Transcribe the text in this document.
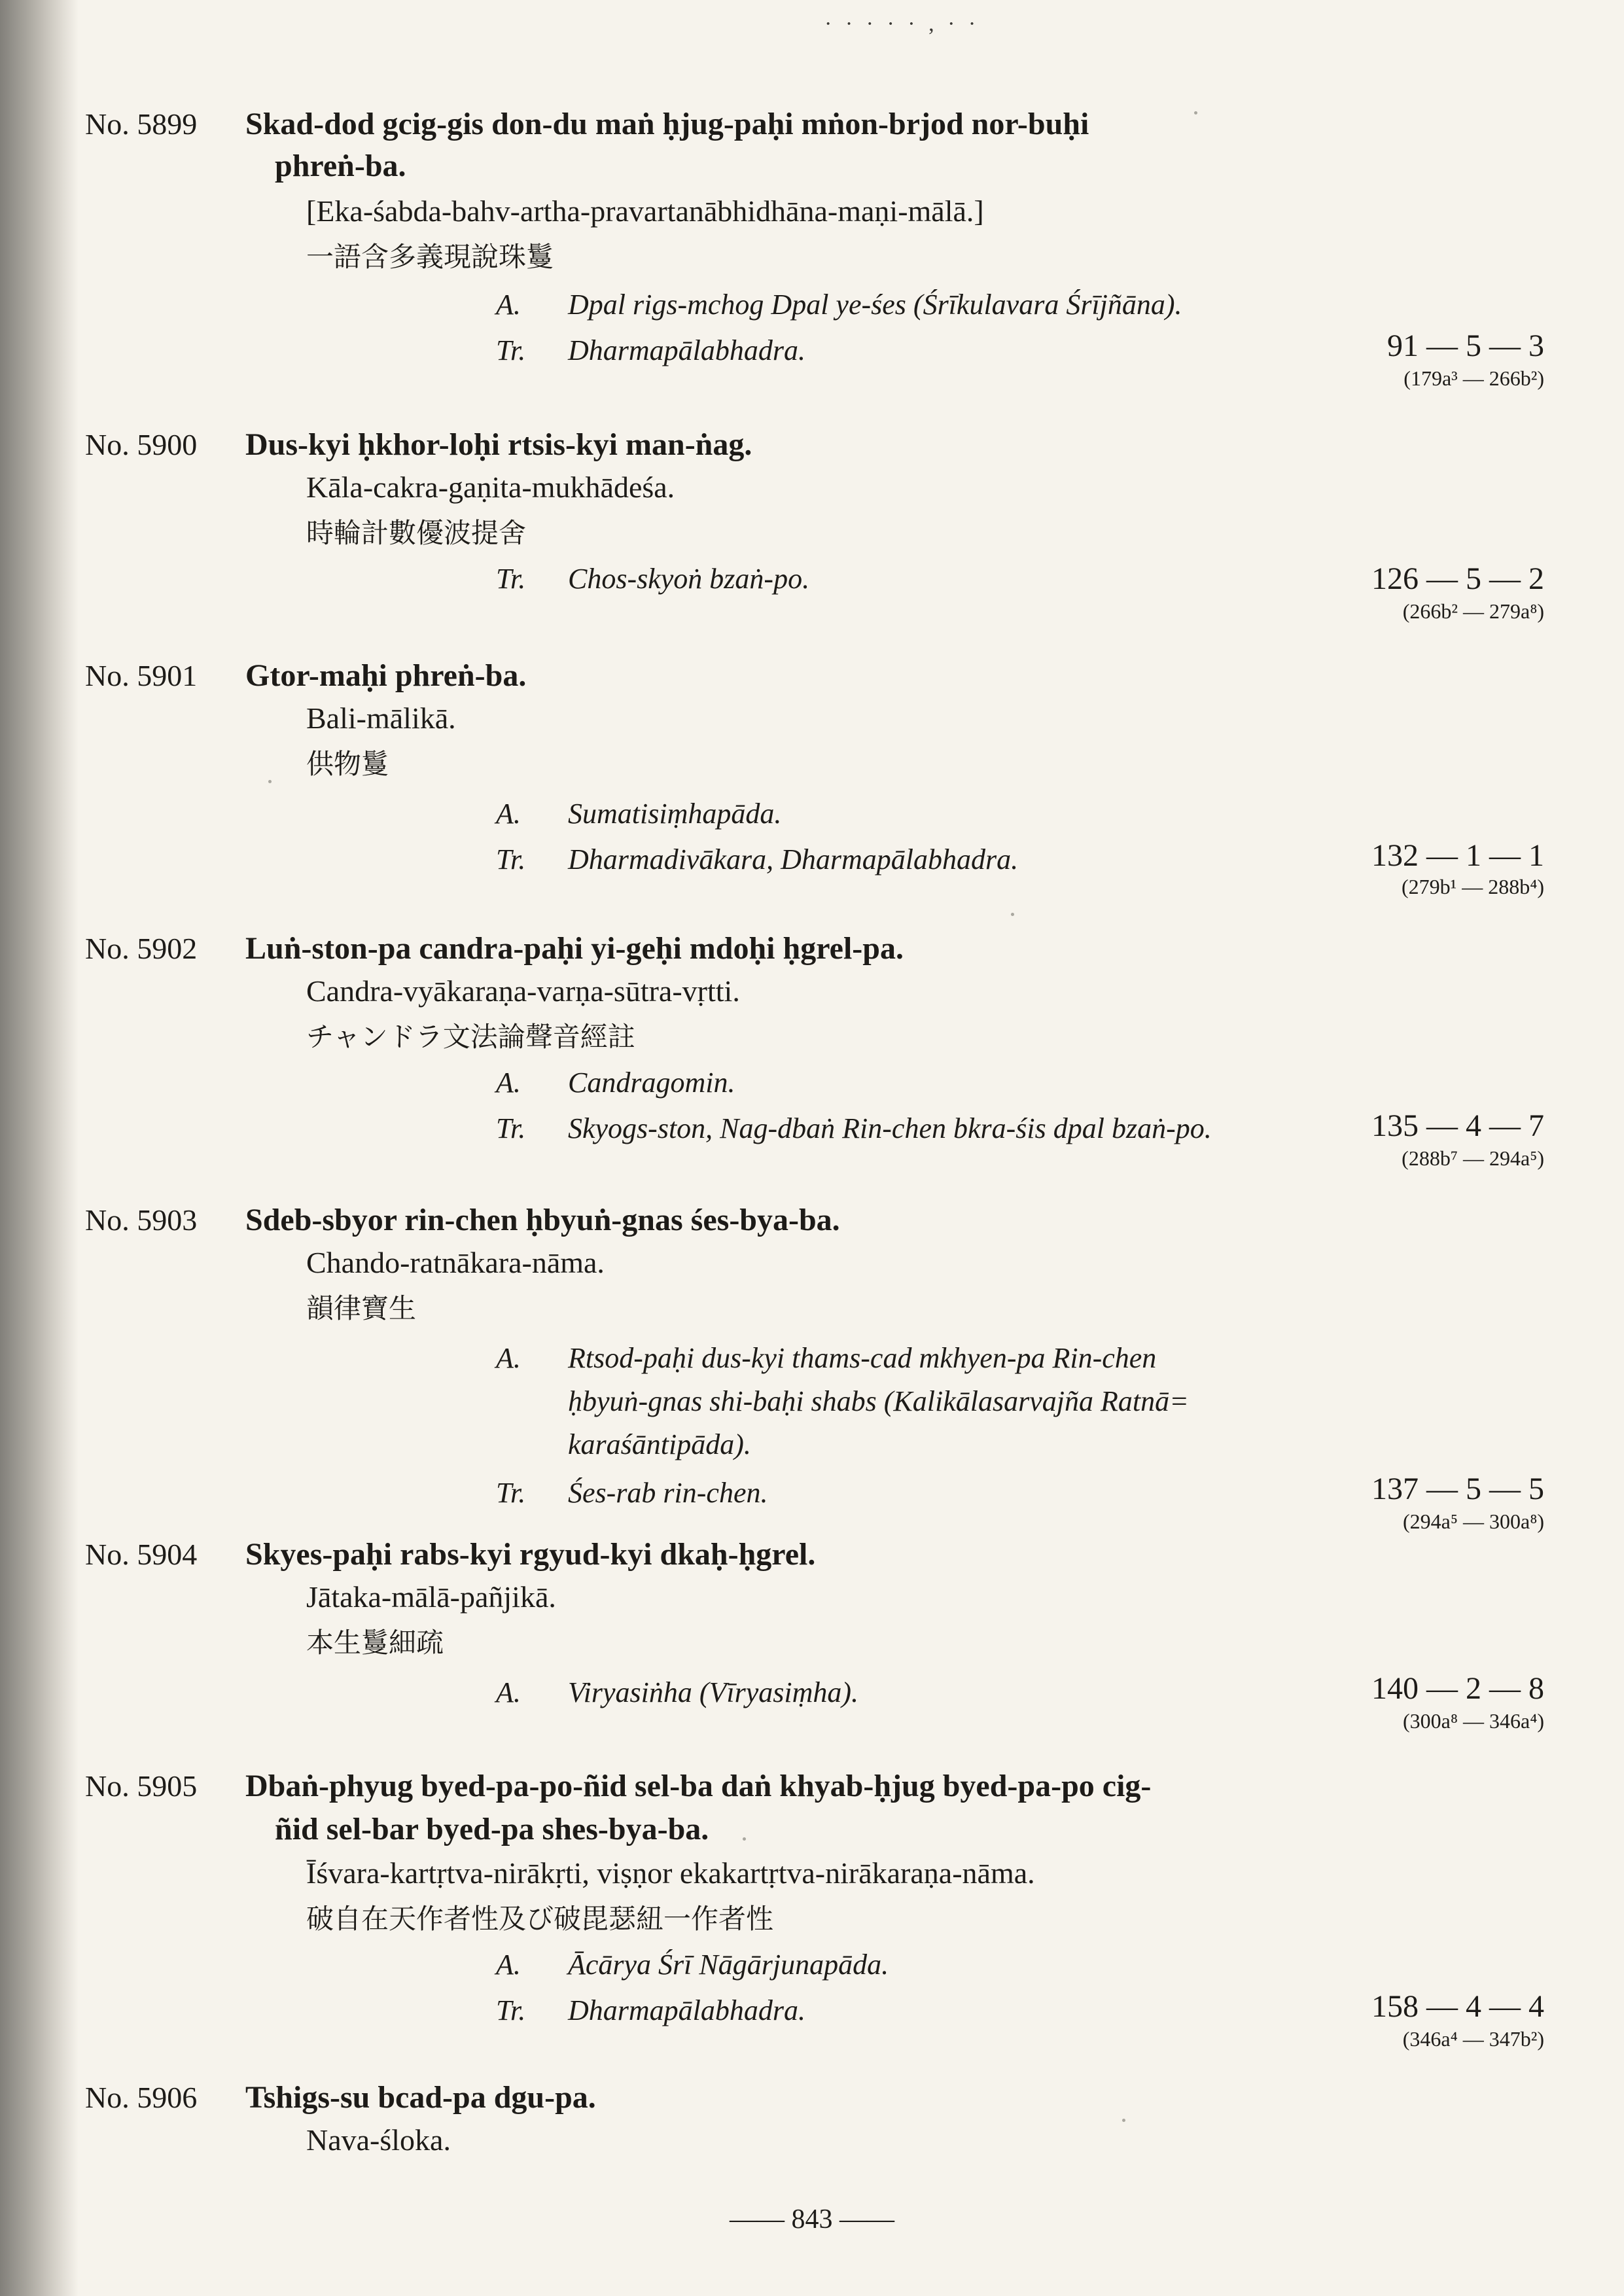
· · · · · , · ·
No. 5899 Skad-dod gcig-gis don-du maṅ ḥjug-paḥi mṅon-brjod nor-buḥi
phreṅ-ba.
[Eka-śabda-bahv-artha-pravartanābhidhāna-maṇi-mālā.]
一語含多義現說珠鬘
A. Dpal rigs-mchog Dpal ye-śes (Śrīkulavara Śrījñāna).
Tr. Dharmapālabhadra.	91 — 5 — 3
(179a³ — 266b²)
No. 5900 Dus-kyi ḥkhor-loḥi rtsis-kyi man-ṅag.
Kāla-cakra-gaṇita-mukhādeśa.
時輪計數優波提舍
Tr. Chos-skyoṅ bzaṅ-po.	126 — 5 — 2
(266b² — 279a⁸)
No. 5901 Gtor-maḥi phreṅ-ba.
Bali-mālikā.
供物鬘
A. Sumatisiṃhapāda.
Tr. Dharmadivākara, Dharmapālabhadra.	132 — 1 — 1
(279b¹ — 288b⁴)
No. 5902 Luṅ-ston-pa candra-paḥi yi-geḥi mdoḥi ḥgrel-pa.
Candra-vyākaraṇa-varṇa-sūtra-vṛtti.
チャンドラ文法論聲音經註
A. Candragomin.
Tr. Skyogs-ston, Nag-dbaṅ Rin-chen bkra-śis dpal bzaṅ-po.	135 — 4 — 7
(288b⁷ — 294a⁵)
No. 5903 Sdeb-sbyor rin-chen ḥbyuṅ-gnas śes-bya-ba.
Chando-ratnākara-nāma.
韻律寶生
A. Rtsod-paḥi dus-kyi thams-cad mkhyen-pa Rin-chen
ḥbyuṅ-gnas shi-baḥi shabs (Kalikālasarvajña Ratnā=
karaśāntipāda).
Tr. Śes-rab rin-chen.	137 — 5 — 5
(294a⁵ — 300a⁸)
No. 5904 Skyes-paḥi rabs-kyi rgyud-kyi dkaḥ-ḥgrel.
Jātaka-mālā-pañjikā.
本生鬘細疏
A. Viryasiṅha (Vīryasiṃha).	140 — 2 — 8
(300a⁸ — 346a⁴)
No. 5905 Dbaṅ-phyug byed-pa-po-ñid sel-ba daṅ khyab-ḥjug byed-pa-po cig-
ñid sel-bar byed-pa shes-bya-ba.
Īśvara-kartṛtva-nirākṛti, viṣṇor ekakartṛtva-nirākaraṇa-nāma.
破自在天作者性及び破毘瑟紐一作者性
A. Ācārya Śrī Nāgārjunapāda.
Tr. Dharmapālabhadra.	158 — 4 — 4
(346a⁴ — 347b²)
No. 5906 Tshigs-su bcad-pa dgu-pa.
Nava-śloka.
—— 843 ——
